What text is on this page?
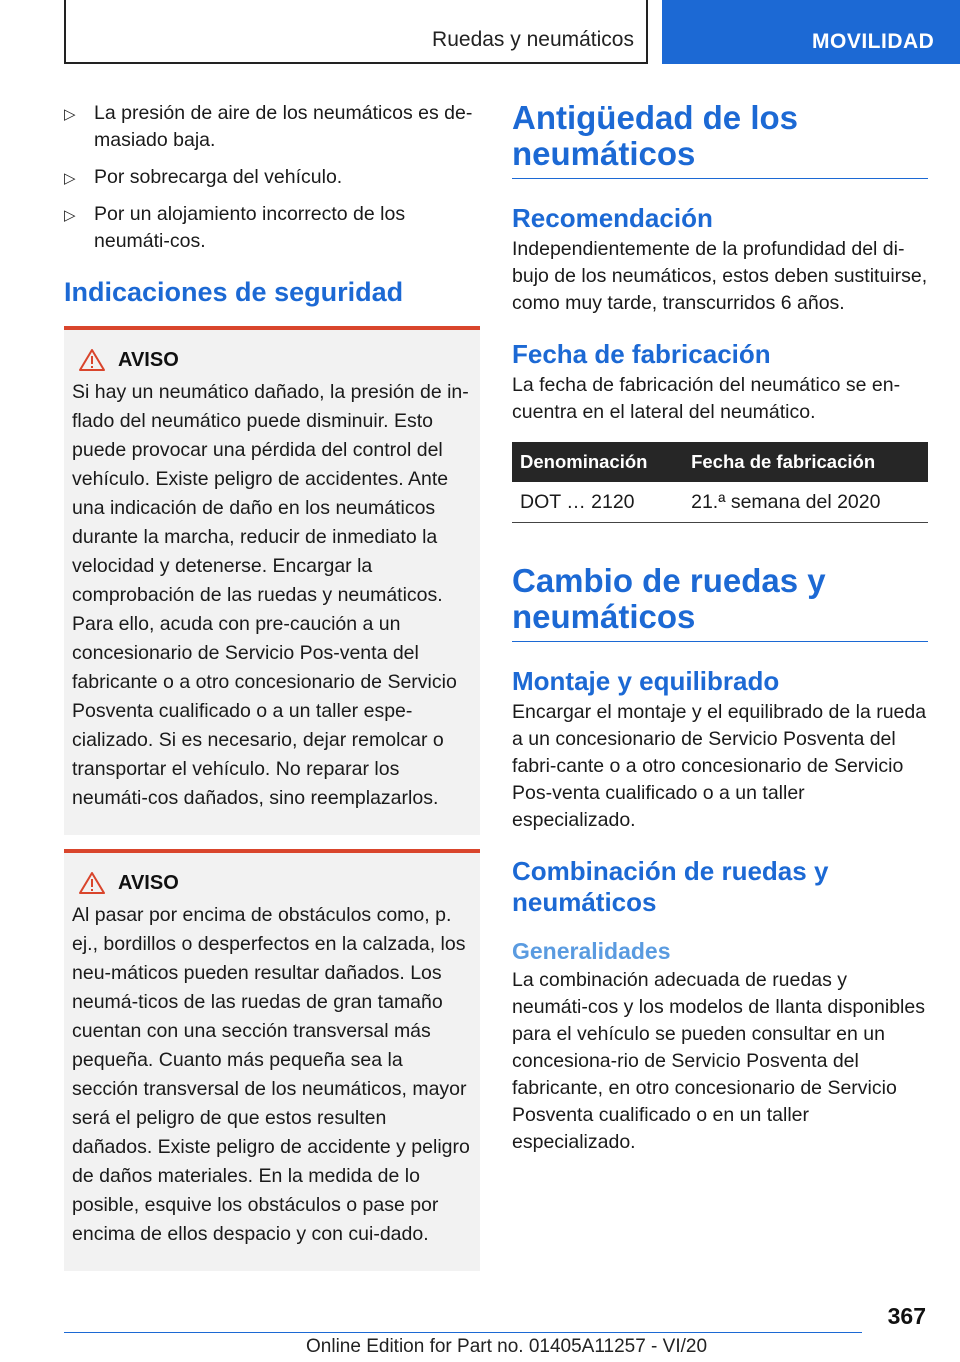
Ruedas y neumáticos	MOVILIDAD
▷ La presión de aire de los neumáticos es de-masiado baja.
▷ Por sobrecarga del vehículo.
▷ Por un alojamiento incorrecto de los neumáti-cos.
Indicaciones de seguridad
AVISO
Si hay un neumático dañado, la presión de in-flado del neumático puede disminuir. Esto puede provocar una pérdida del control del vehículo. Existe peligro de accidentes. Ante una indicación de daño en los neumáticos durante la marcha, reducir de inmediato la velocidad y detenerse. Encargar la comprobación de las ruedas y neumáticos. Para ello, acuda con pre-caución a un concesionario de Servicio Pos-venta del fabricante o a otro concesionario de Servicio Posventa cualificado o a un taller espe-cializado. Si es necesario, dejar remolcar o transportar el vehículo. No reparar los neumáti-cos dañados, sino reemplazarlos.
AVISO
Al pasar por encima de obstáculos como, p. ej., bordillos o desperfectos en la calzada, los neu-máticos pueden resultar dañados. Los neumá-ticos de las ruedas de gran tamaño cuentan con una sección transversal más pequeña. Cuanto más pequeña sea la sección transversal de los neumáticos, mayor será el peligro de que estos resulten dañados. Existe peligro de accidente y peligro de daños materiales. En la medida de lo posible, esquive los obstáculos o pase por encima de ellos despacio y con cui-dado.
Antigüedad de los neumáticos
Recomendación

Independientemente de la profundidad del di-bujo de los neumáticos, estos deben sustituirse, como muy tarde, transcurridos 6 años.

Fecha de fabricación

La fecha de fabricación del neumático se en-cuentra en el lateral del neumático.

Denominación	Fecha de fabricación
DOT … 2120	21.ª semana del 2020
Cambio de ruedas y neumáticos
Montaje y equilibrado

Encargar el montaje y el equilibrado de la rueda a un concesionario de Servicio Posventa del fabri-cante o a otro concesionario de Servicio Pos-venta cualificado o a un taller especializado.

Combinación de ruedas y neumáticos
Generalidades

La combinación adecuada de ruedas y neumáti-cos y los modelos de llanta disponibles para el vehículo se pueden consultar en un concesiona-rio de Servicio Posventa del fabricante, en otro concesionario de Servicio Posventa cualificado o en un taller especializado.

367
Online Edition for Part no. 01405A11257 - VI/20
